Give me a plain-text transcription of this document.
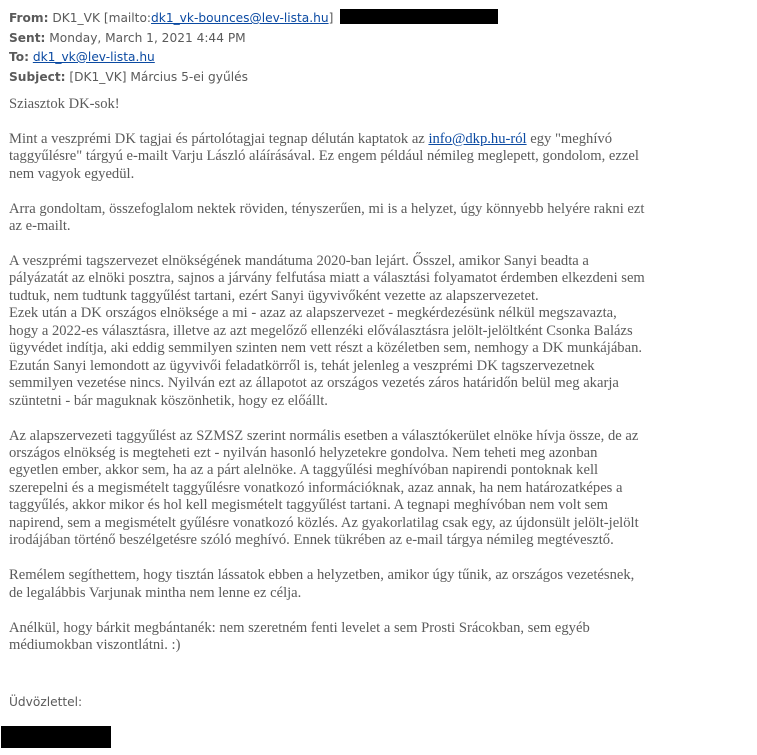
From: DK1_VK [mailto:dk1_vk-bounces@lev-lista.hu]
Sent: Monday, March 1, 2021 4:44 PM
To: dk1_vk@lev-lista.hu
Subject: [DK1_VK] Március 5-ei gyűlés

Sziasztok DK-sok!

Mint a veszprémi DK tagjai és pártolótagjai tegnap délután kaptatok az info@dkp.hu-ról egy "meghívó
taggyűlésre" tárgyú e-mailt Varju László aláírásával. Ez engem például némileg meglepett, gondolom, ezzel
nem vagyok egyedül.

Arra gondoltam, összefoglalom nektek röviden, tényszerűen, mi is a helyzet, úgy könnyebb helyére rakni ezt
az e-mailt.

A veszprémi tagszervezet elnökségének mandátuma 2020-ban lejárt. Ősszel, amikor Sanyi beadta a
pályázatát az elnöki posztra, sajnos a járvány felfutása miatt a választási folyamatot érdemben elkezdeni sem
tudtuk, nem tudtunk taggyűlést tartani, ezért Sanyi ügyvivőként vezette az alapszervezetet.
Ezek után a DK országos elnöksége a mi - azaz az alapszervezet - megkérdezésünk nélkül megszavazta,
hogy a 2022-es választásra, illetve az azt megelőző ellenzéki előválasztásra jelölt-jelöltként Csonka Balázs
ügyvédet indítja, aki eddig semmilyen szinten nem vett részt a közéletben sem, nemhogy a DK munkájában.
Ezután Sanyi lemondott az ügyvivői feladatkörről is, tehát jelenleg a veszprémi DK tagszervezetnek
semmilyen vezetése nincs. Nyilván ezt az állapotot az országos vezetés záros határidőn belül meg akarja
szüntetni - bár maguknak köszönhetik, hogy ez előállt.

Az alapszervezeti taggyűlést az SZMSZ szerint normális esetben a választókerület elnöke hívja össze, de az
országos elnökség is megteheti ezt - nyilván hasonló helyzetekre gondolva. Nem teheti meg azonban
egyetlen ember, akkor sem, ha az a párt alelnöke. A taggyűlési meghívóban napirendi pontoknak kell
szerepelni és a megismételt taggyűlésre vonatkozó információknak, azaz annak, ha nem határozatképes a
taggyűlés, akkor mikor és hol kell megismételt taggyűlést tartani. A tegnapi meghívóban nem volt sem
napirend, sem a megismételt gyűlésre vonatkozó közlés. Az gyakorlatilag csak egy, az újdonsült jelölt-jelölt
irodájában történő beszélgetésre szóló meghívó. Ennek tükrében az e-mail tárgya némileg megtévesztő.

Remélem segíthettem, hogy tisztán lássatok ebben a helyzetben, amikor úgy tűnik, az országos vezetésnek,
de legalábbis Varjunak mintha nem lenne ez célja.

Anélkül, hogy bárkit megbántanék: nem szeretném fenti levelet a sem Prosti Srácokban, sem egyéb
médiumokban viszontlátni. :)

Üdvözlettel:
